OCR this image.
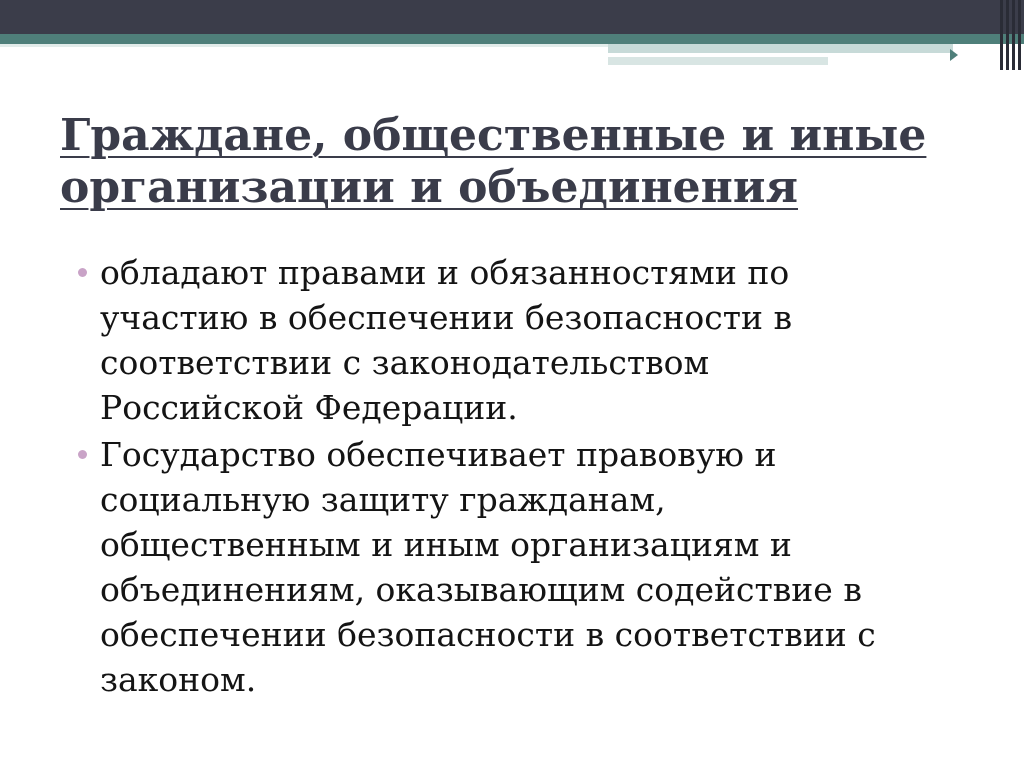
Граждане, общественные и иные
организации и объединения
обладают правами и обязанностями по
участию в обеспечении безопасности в
соответствии с законодательством
Российской Федерации.
Государство обеспечивает правовую и
социальную защиту гражданам,
общественным и иным организациям и
объединениям, оказывающим содействие в
обеспечении безопасности в соответствии с
законом.
